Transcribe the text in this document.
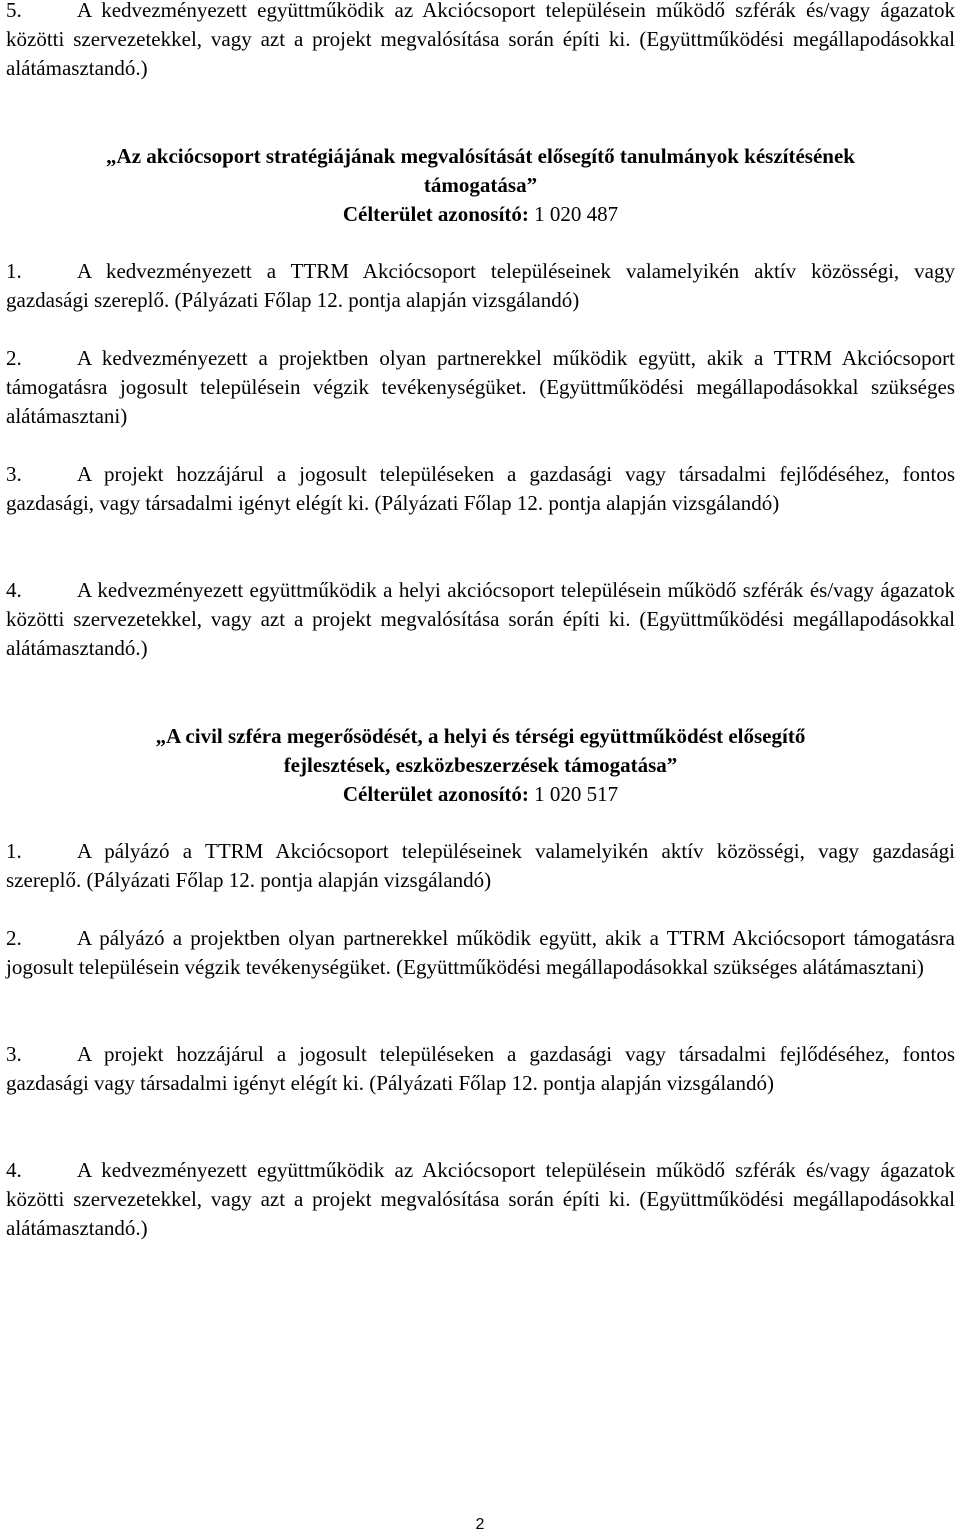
5.	A kedvezményezett együttműködik az Akciócsoport településein működő szférák és/vagy ágazatok közötti szervezetekkel, vagy azt a projekt megvalósítása során építi ki. (Együttműködési megállapodásokkal alátámasztandó.)

„Az akciócsoport stratégiájának megvalósítását elősegítő tanulmányok készítésének támogatása”
Célterület azonosító: 1 020 487

1.	A kedvezményezett a TTRM Akciócsoport településeinek valamelyikén aktív közösségi, vagy gazdasági szereplő. (Pályázati Főlap 12. pontja alapján vizsgálandó)

2.	A kedvezményezett a projektben olyan partnerekkel működik együtt, akik a TTRM Akciócsoport támogatásra jogosult településein végzik tevékenységüket. (Együttműködési megállapodásokkal szükséges alátámasztani)

3.	A projekt hozzájárul a jogosult településeken a gazdasági vagy társadalmi fejlődéséhez, fontos gazdasági, vagy társadalmi igényt elégít ki. (Pályázati Főlap 12. pontja alapján vizsgálandó)

4.	A kedvezményezett együttműködik a helyi akciócsoport településein működő szférák és/vagy ágazatok közötti szervezetekkel, vagy azt a projekt megvalósítása során építi ki. (Együttműködési megállapodásokkal alátámasztandó.)

„A civil szféra megerősödését, a helyi és térségi együttműködést elősegítő fejlesztések, eszközbeszerzések támogatása”
Célterület azonosító: 1 020 517

1.	A pályázó a TTRM Akciócsoport településeinek valamelyikén aktív közösségi, vagy gazdasági szereplő. (Pályázati Főlap 12. pontja alapján vizsgálandó)

2.	A pályázó a projektben olyan partnerekkel működik együtt, akik a TTRM Akciócsoport támogatásra jogosult településein végzik tevékenységüket. (Együttműködési megállapodásokkal szükséges alátámasztani)

3.	A projekt hozzájárul a jogosult településeken a gazdasági vagy társadalmi fejlődéséhez, fontos gazdasági vagy társadalmi igényt elégít ki. (Pályázati Főlap 12. pontja alapján vizsgálandó)

4.	A kedvezményezett együttműködik az Akciócsoport településein működő szférák és/vagy ágazatok közötti szervezetekkel, vagy azt a projekt megvalósítása során építi ki. (Együttműködési megállapodásokkal alátámasztandó.)

2
